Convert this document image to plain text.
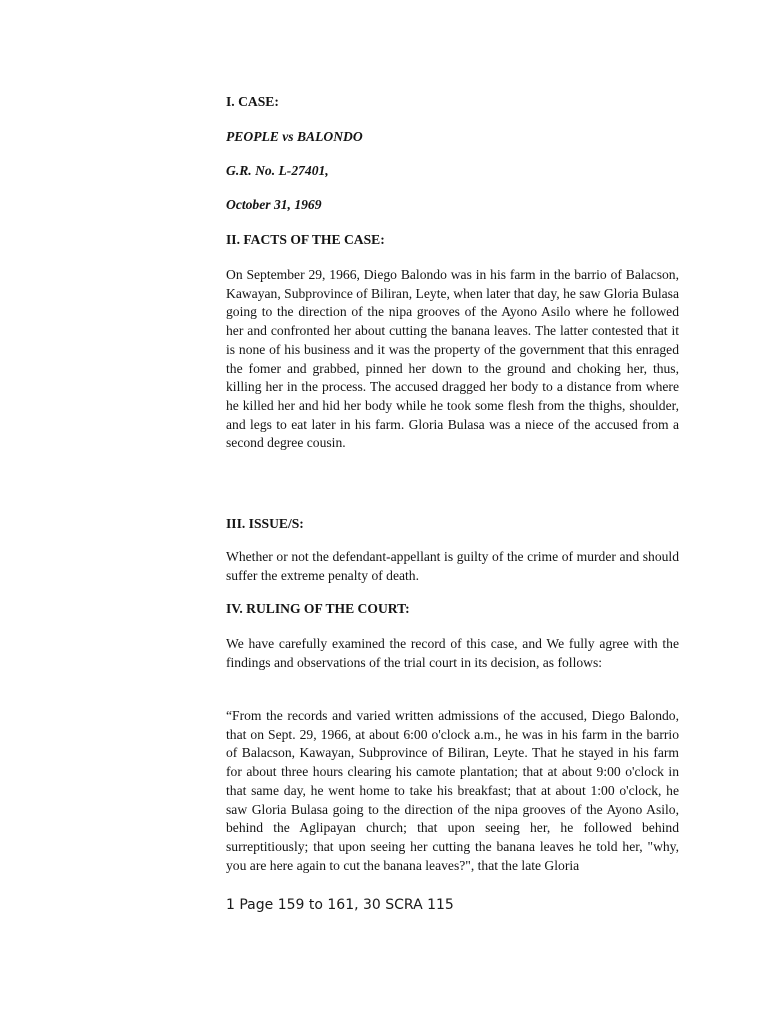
I. CASE:

PEOPLE vs BALONDO

G.R. No. L-27401,

October 31, 1969

II. FACTS OF THE CASE:

On September 29, 1966, Diego Balondo was in his farm in the barrio of Balacson, Kawayan, Subprovince of Biliran, Leyte, when later that day, he saw Gloria Bulasa going to the direction of the nipa grooves of the Ayono Asilo where he followed her and confronted her about cutting the banana leaves. The latter contested that it is none of his business and it was the property of the government that this enraged the fomer and grabbed, pinned her down to the ground and choking her, thus, killing her in the process. The accused dragged her body to a distance from where he killed her and hid her body while he took some flesh from the thighs, shoulder, and legs to eat later in his farm. Gloria Bulasa was a niece of the accused from a second degree cousin.

III. ISSUE/S:

Whether or not the defendant-appellant is guilty of the crime of murder and should suffer the extreme penalty of death.

IV. RULING OF THE COURT:

We have carefully examined the record of this case, and We fully agree with the findings and observations of the trial court in its decision, as follows:

“From the records and varied written admissions of the accused, Diego Balondo, that on Sept. 29, 1966, at about 6:00 o'clock a.m., he was in his farm in the barrio of Balacson, Kawayan, Subprovince of Biliran, Leyte. That he stayed in his farm for about three hours clearing his camote plantation; that at about 9:00 o'clock in that same day, he went home to take his breakfast; that at about 1:00 o'clock, he saw Gloria Bulasa going to the direction of the nipa grooves of the Ayono Asilo, behind the Aglipayan church; that upon seeing her, he followed behind surreptitiously; that upon seeing her cutting the banana leaves he told her, "why, you are here again to cut the banana leaves?", that the late Gloria

1 Page 159 to 161, 30 SCRA 115
